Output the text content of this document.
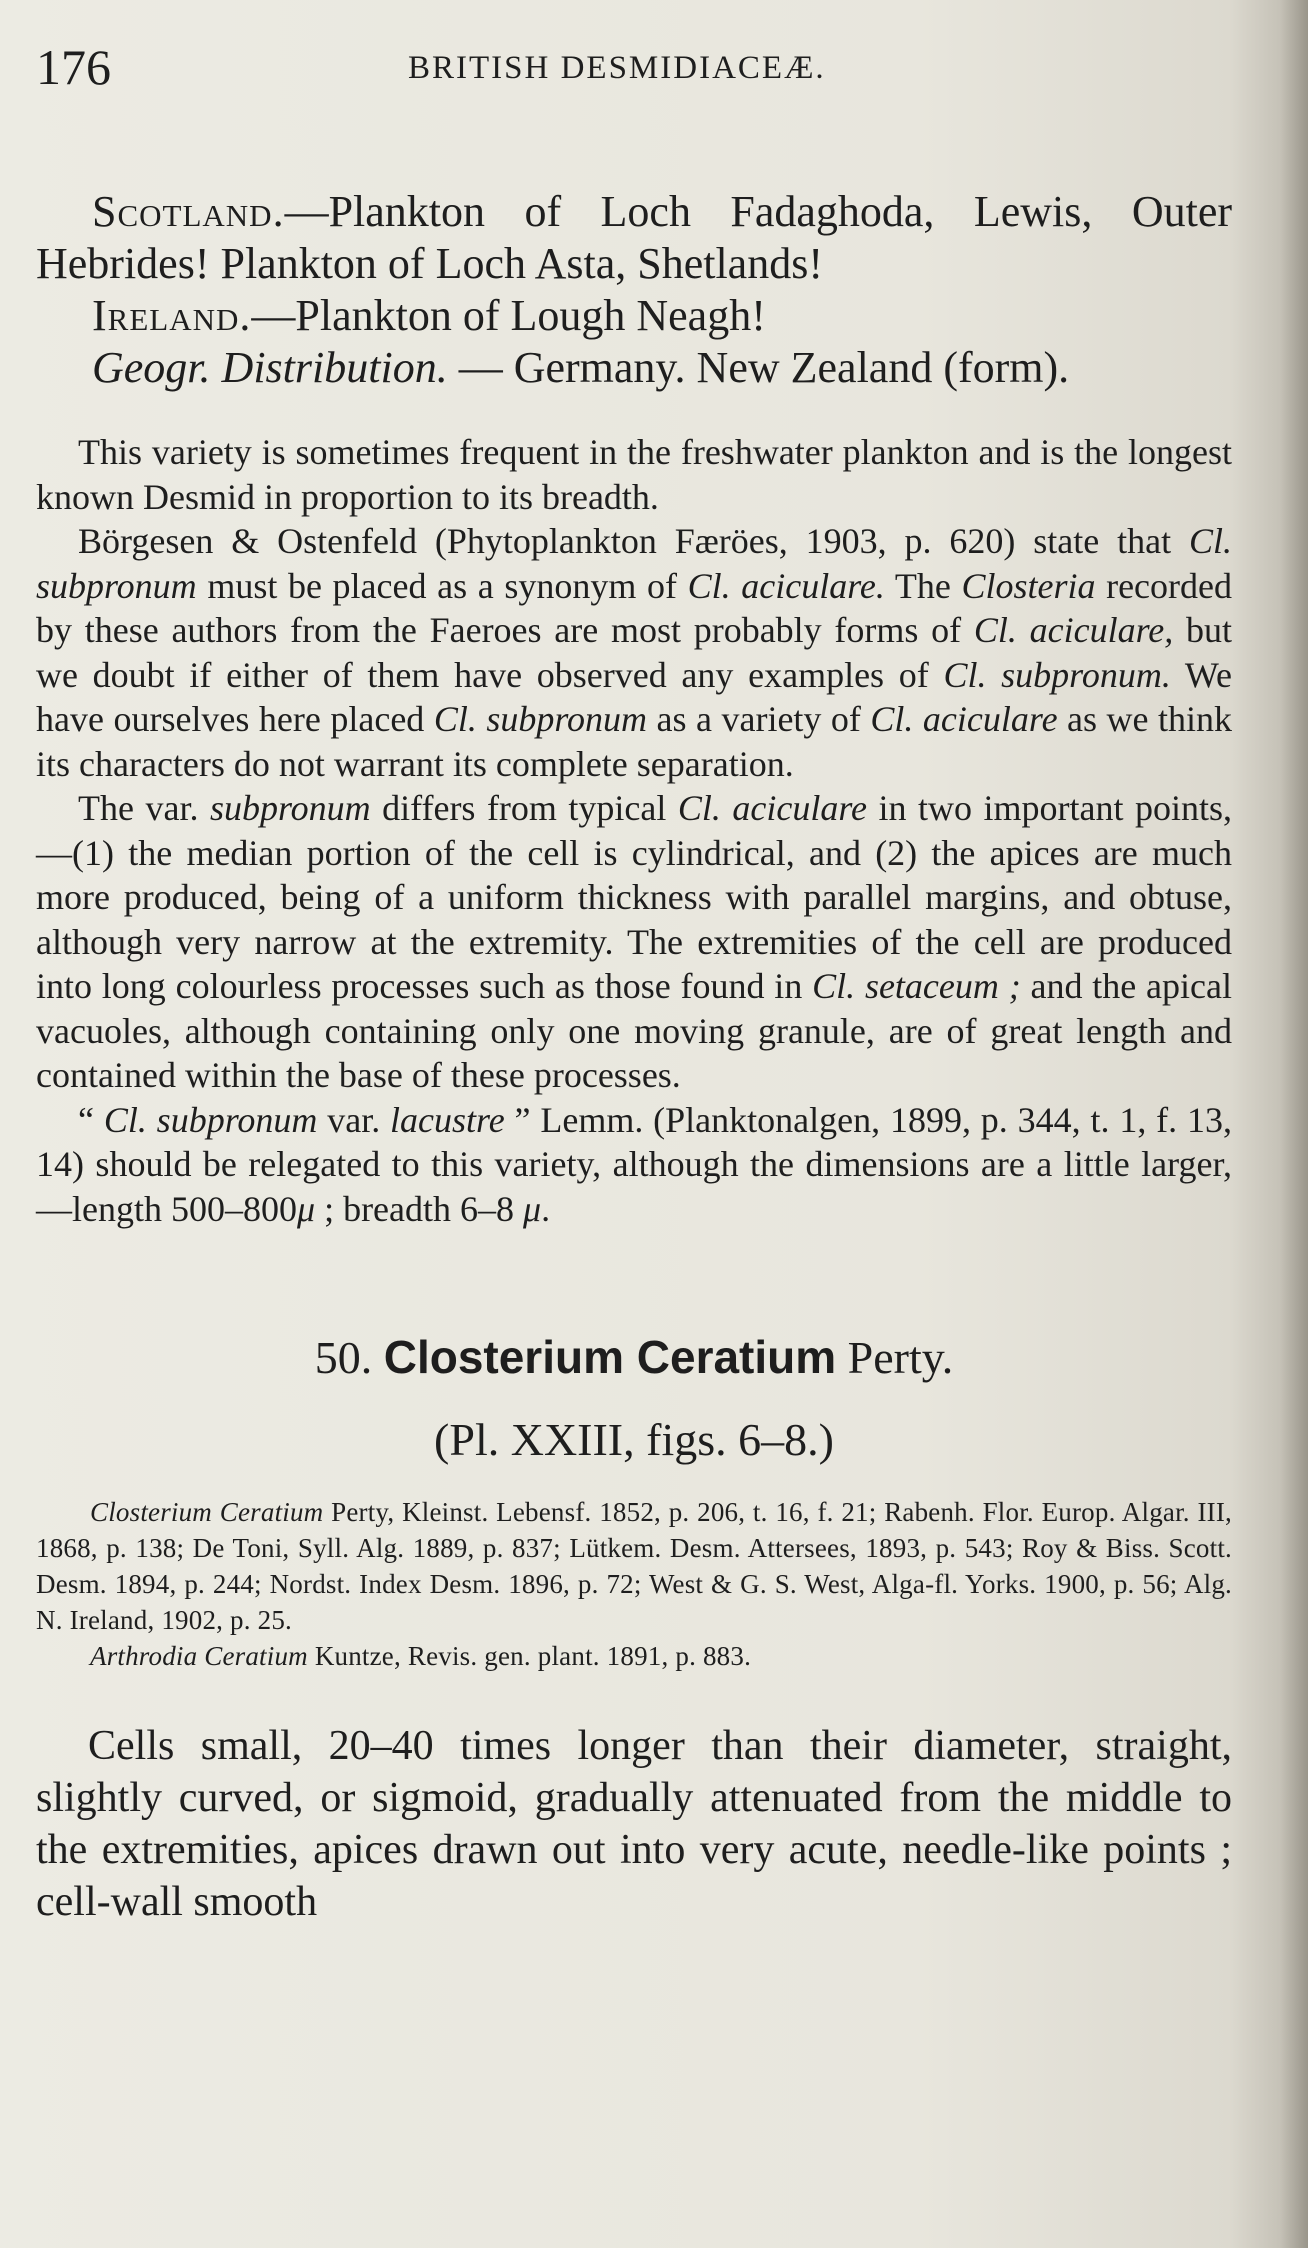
176	BRITISH DESMIDIACEÆ.

Scotland.—Plankton of Loch Fadaghoda, Lewis, Outer Hebrides! Plankton of Loch Asta, Shetlands!

Ireland.—Plankton of Lough Neagh!

Geogr. Distribution. — Germany. New Zealand (form).

This variety is sometimes frequent in the freshwater plankton and is the longest known Desmid in proportion to its breadth.

Börgesen & Ostenfeld (Phytoplankton Færöes, 1903, p. 620) state that Cl. subpronum must be placed as a synonym of Cl. aciculare. The Closteria recorded by these authors from the Faeroes are most probably forms of Cl. aciculare, but we doubt if either of them have observed any examples of Cl. subpronum. We have ourselves here placed Cl. subpronum as a variety of Cl. aciculare as we think its characters do not warrant its complete separation.

The var. subpronum differs from typical Cl. aciculare in two important points,—(1) the median portion of the cell is cylindrical, and (2) the apices are much more produced, being of a uniform thickness with parallel margins, and obtuse, although very narrow at the extremity. The extremities of the cell are produced into long colourless processes such as those found in Cl. setaceum ; and the apical vacuoles, although containing only one moving granule, are of great length and contained within the base of these processes.

“ Cl. subpronum var. lacustre ” Lemm. (Planktonalgen, 1899, p. 344, t. 1, f. 13, 14) should be relegated to this variety, although the dimensions are a little larger,—length 500–800μ ; breadth 6–8 μ.

50. Closterium Ceratium Perty.
(Pl. XXIII, figs. 6–8.)

Closterium Ceratium Perty, Kleinst. Lebensf. 1852, p. 206, t. 16, f. 21; Rabenh. Flor. Europ. Algar. III, 1868, p. 138; De Toni, Syll. Alg. 1889, p. 837; Lütkem. Desm. Attersees, 1893, p. 543; Roy & Biss. Scott. Desm. 1894, p. 244; Nordst. Index Desm. 1896, p. 72; West & G. S. West, Alga-fl. Yorks. 1900, p. 56; Alg. N. Ireland, 1902, p. 25.

Arthrodia Ceratium Kuntze, Revis. gen. plant. 1891, p. 883.

Cells small, 20–40 times longer than their diameter, straight, slightly curved, or sigmoid, gradually attenuated from the middle to the extremities, apices drawn out into very acute, needle-like points ; cell-wall smooth
